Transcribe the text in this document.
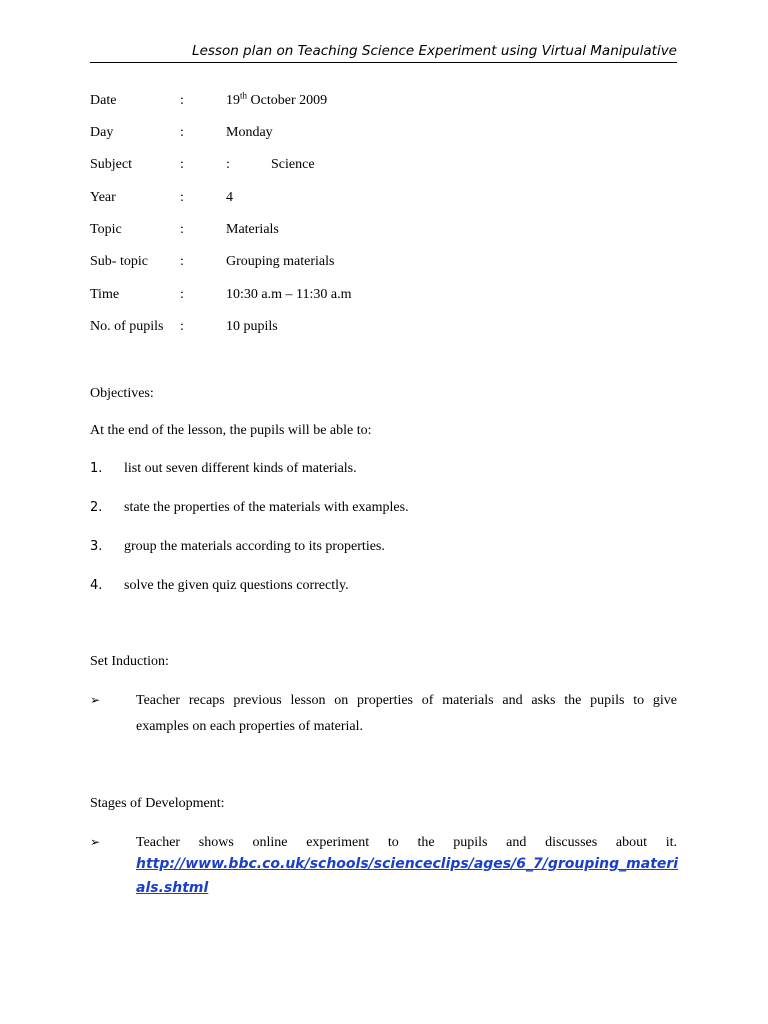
Lesson plan on Teaching Science Experiment using Virtual Manipulative
Date	:	19th October 2009
Day	:	Monday
Subject	:	:	Science
Year	:	4
Topic	:	Materials
Sub- topic :	Grouping materials
Time	:	10:30 a.m – 11:30 a.m
No. of pupils :	10 pupils
Objectives:
At the end of the lesson, the pupils will be able to:
1. list out seven different kinds of materials.
2. state the properties of the materials with examples.
3. group the materials according to its properties.
4. solve the given quiz questions correctly.
Set Induction:
➢	Teacher recaps previous lesson on properties of materials and asks the pupils to give
examples on each properties of material.
Stages of Development:
➢	Teacher shows online experiment to the pupils and discusses about it.
http://www.bbc.co.uk/schools/scienceclips/ages/6_7/grouping_materi
als.shtml
